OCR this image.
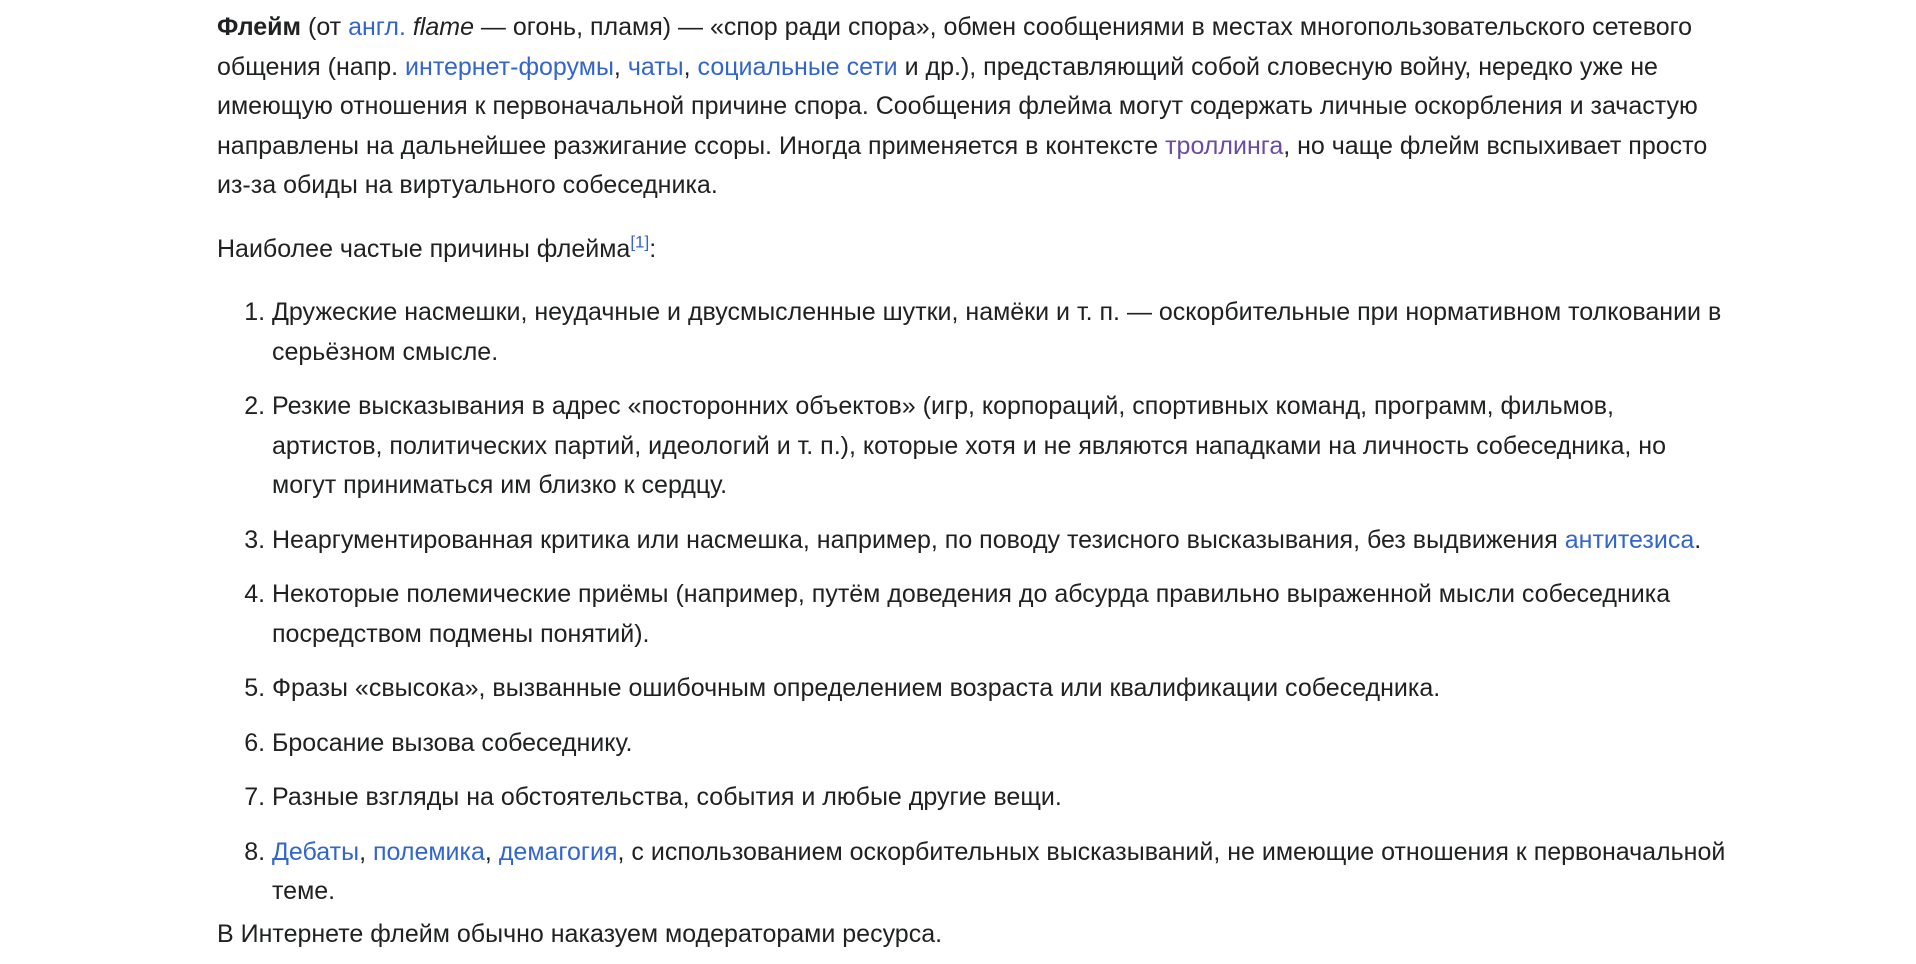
Флейм (от англ. flame — огонь, пламя) — «спор ради спора», обмен сообщениями в местах многопользовательского сетевого общения (напр. интернет-форумы, чаты, социальные сети и др.), представляющий собой словесную войну, нередко уже не имеющую отношения к первоначальной причине спора. Сообщения флейма могут содержать личные оскорбления и зачастую направлены на дальнейшее разжигание ссоры. Иногда применяется в контексте троллинга, но чаще флейм вспыхивает просто из-за обиды на виртуального собеседника.

Наиболее частые причины флейма[1]:

1. Дружеские насмешки, неудачные и двусмысленные шутки, намёки и т. п. — оскорбительные при нормативном толковании в серьёзном смысле.
2. Резкие высказывания в адрес «посторонних объектов» (игр, корпораций, спортивных команд, программ, фильмов, артистов, политических партий, идеологий и т. п.), которые хотя и не являются нападками на личность собеседника, но могут приниматься им близко к сердцу.
3. Неаргументированная критика или насмешка, например, по поводу тезисного высказывания, без выдвижения антитезиса.
4. Некоторые полемические приёмы (например, путём доведения до абсурда правильно выраженной мысли собеседника посредством подмены понятий).
5. Фразы «свысока», вызванные ошибочным определением возраста или квалификации собеседника.
6. Бросание вызова собеседнику.
7. Разные взгляды на обстоятельства, события и любые другие вещи.
8. Дебаты, полемика, демагогия, с использованием оскорбительных высказываний, не имеющие отношения к первоначальной теме.

В Интернете флейм обычно наказуем модераторами ресурса.
